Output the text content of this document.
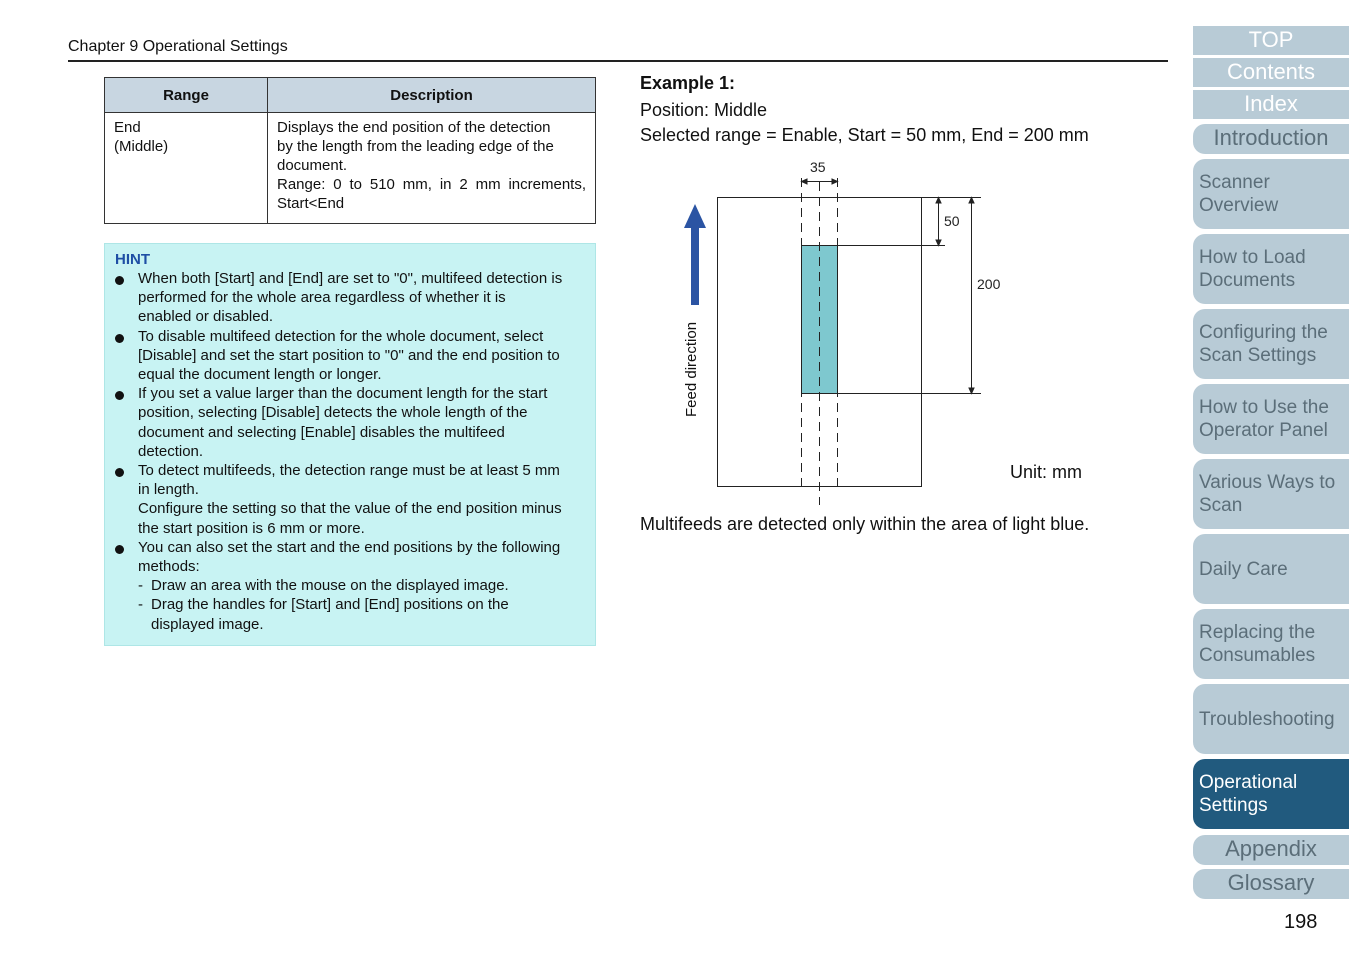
Chapter 9 Operational Settings
Range	Description

End
(Middle)	Displays the end position of the detection
by the length from the leading edge of the
document.
Range: 0 to 510 mm, in 2 mm increments,
Start<End
HINT
When both [Start] and [End] are set to "0", multifeed detection is
performed for the whole area regardless of whether it is
enabled or disabled.
To disable multifeed detection for the whole document, select
[Disable] and set the start position to "0" and the end position to
equal the document length or longer.
If you set a value larger than the document length for the start
position, selecting [Disable] detects the whole length of the
document and selecting [Enable] disables the multifeed
detection.
To detect multifeeds, the detection range must be at least 5 mm
in length.
Configure the setting so that the value of the end position minus
the start position is 6 mm or more.
You can also set the start and the end positions by the following
methods:
- Draw an area with the mouse on the displayed image.
- Drag the handles for [Start] and [End] positions on the
displayed image.
Example 1:
Position: Middle
Selected range = Enable, Start = 50 mm, End = 200 mm
Feed direction
35
50
200
Unit: mm
Multifeeds are detected only within the area of light blue.
TOP
Contents
Index
Introduction
Scanner
Overview
How to Load
Documents
Configuring the
Scan Settings
How to Use the
Operator Panel
Various Ways to
Scan
Daily Care
Replacing the
Consumables
Troubleshooting
Operational
Settings
Appendix
Glossary
198
